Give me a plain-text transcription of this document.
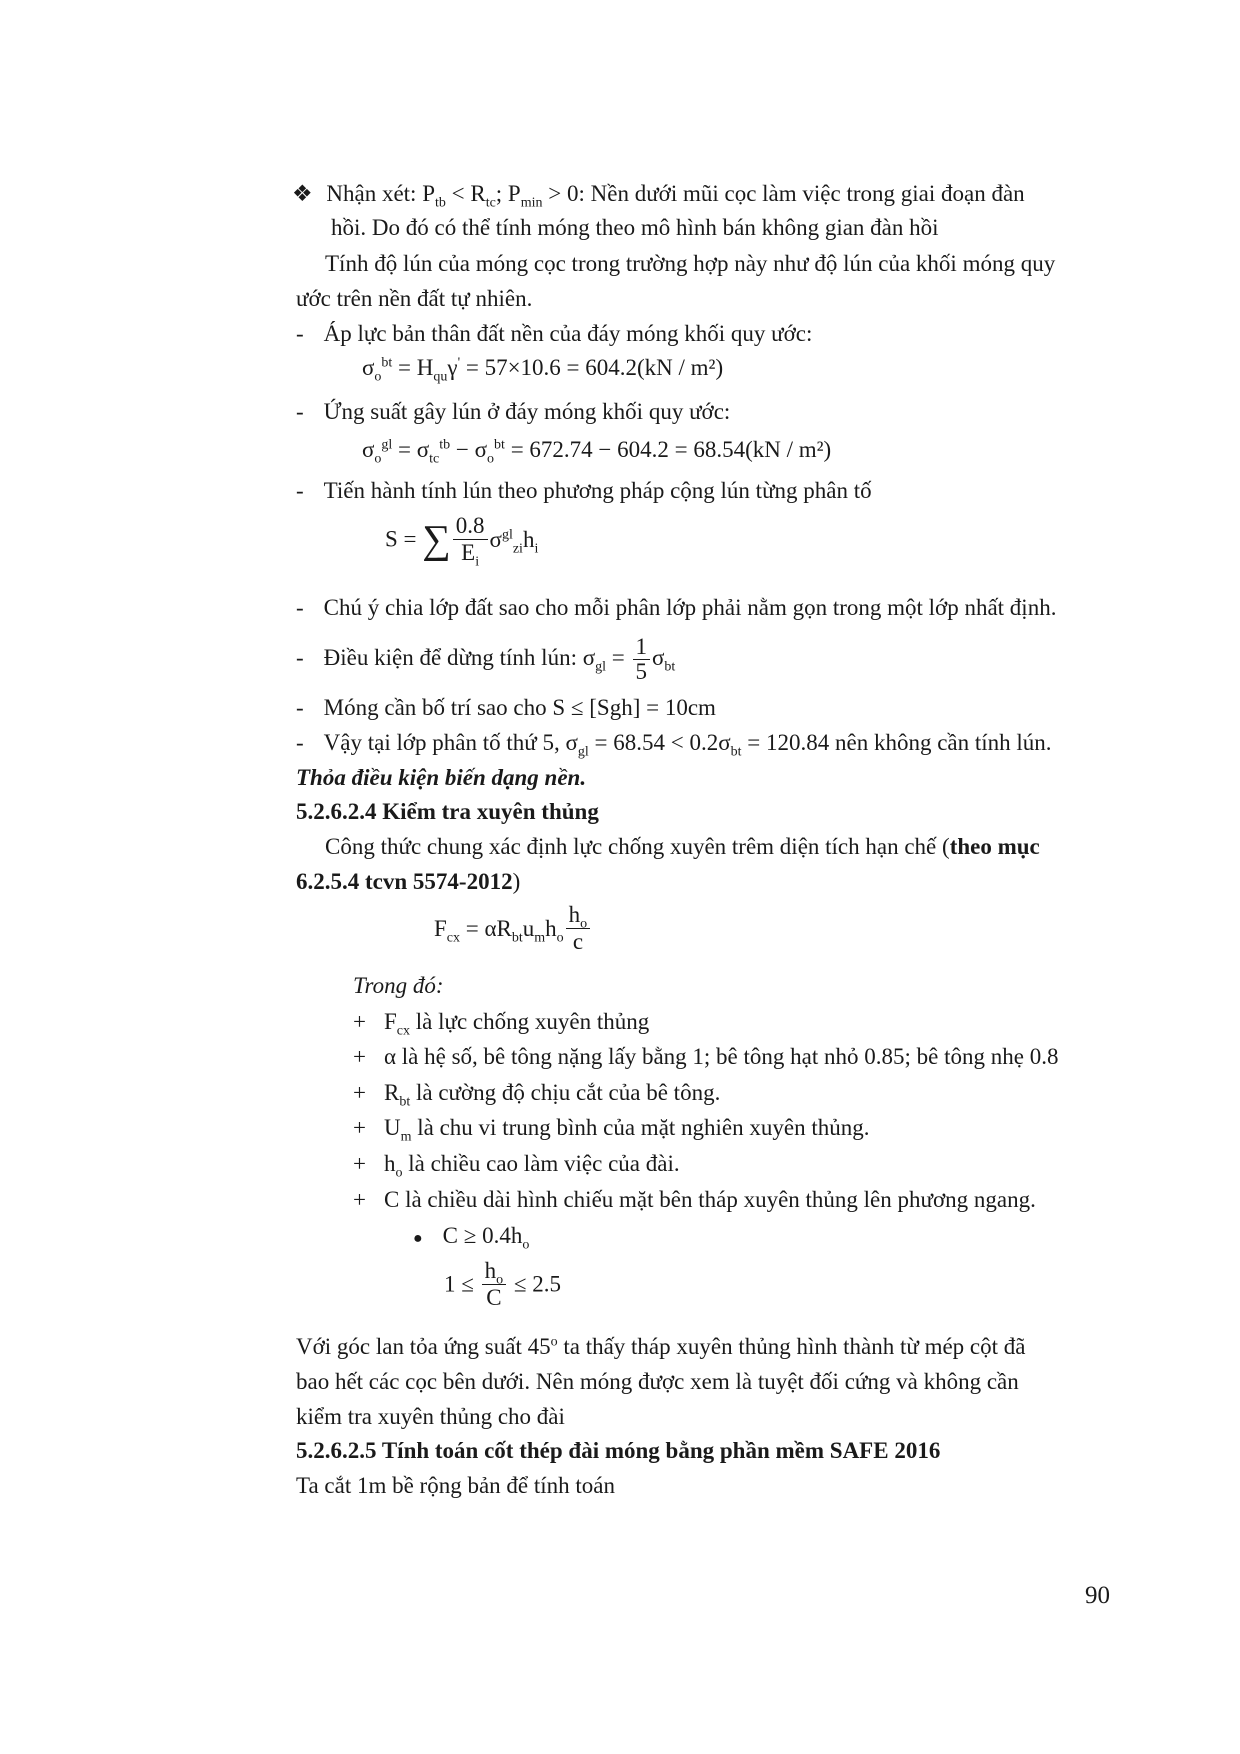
❖ Nhận xét: $P_{tb} < R_{tc}$; $P_{min} > 0$: Nền dưới mũi cọc làm việc trong giai đoạn đàn
hồi. Do đó có thể tính móng theo mô hình bán không gian đàn hồi
Tính độ lún của móng cọc trong trường hợp này như độ lún của khối móng quy
ước trên nền đất tự nhiên.
- Áp lực bản thân đất nền của đáy móng khối quy ước:
$\sigma_o^{bt} = H_{qu}\gamma' = 57\times 10.6 = 604.2(kN / m^2)$
- Ứng suất gây lún ở đáy móng khối quy ước:
$\sigma_o^{gl} = \sigma_{tc}^{tb} - \sigma_o^{bt} = 672.74 - 604.2 = 68.54(kN / m^2)$
- Tiến hành tính lún theo phương pháp cộng lún từng phân tố
S = ∑ $\frac{0.8}{E_i} \sigma^{gl}_{zi}h_i$
- Chú ý chia lớp đất sao cho mỗi phân lớp phải nằm gọn trong một lớp nhất định.
- Điều kiện để dừng tính lún: $\sigma_{gl} = \frac{1}{5} \sigma_{bt}$
- Móng cần bố trí sao cho S ≤ [Sgh] = 10cm
- Vậy tại lớp phân tố thứ 5, $\sigma_{gl} = 68.54 < 0.2\sigma_{bt} = 120.84$ nên không cần tính lún.
Thỏa điều kiện biến dạng nền.
5.2.6.2.4 Kiểm tra xuyên thủng
Công thức chung xác định lực chống xuyên trêm diện tích hạn chế (theo mục
6.2.5.4 tcvn 5574-2012)
$F_{cx} = \alpha R_{bt}u_mh_o \frac{h_o}{c}$
Trong đó:
+ $F_{cx}$ là lực chống xuyên thủng
+ α là hệ số, bê tông nặng lấy bằng 1; bê tông hạt nhỏ 0.85; bê tông nhẹ 0.8
+ $R_{bt}$ là cường độ chịu cắt của bê tông.
+ $U_m$ là chu vi trung bình của mặt nghiên xuyên thủng.
+ $h_o$ là chiều cao làm việc của đài.
+ C là chiều dài hình chiếu mặt bên tháp xuyên thủng lên phương ngang.
● $C \ge 0.4h_o$
$1 \le \frac{h_o}{C} \le 2.5$
Với góc lan tỏa ứng suất 45$^o$ ta thấy tháp xuyên thủng hình thành từ mép cột đã
bao hết các cọc bên dưới. Nên móng được xem là tuyệt đối cứng và không cần
kiểm tra xuyên thủng cho đài
5.2.6.2.5 Tính toán cốt thép đài móng bằng phần mềm SAFE 2016
Ta cắt 1m bề rộng bản để tính toán
90
